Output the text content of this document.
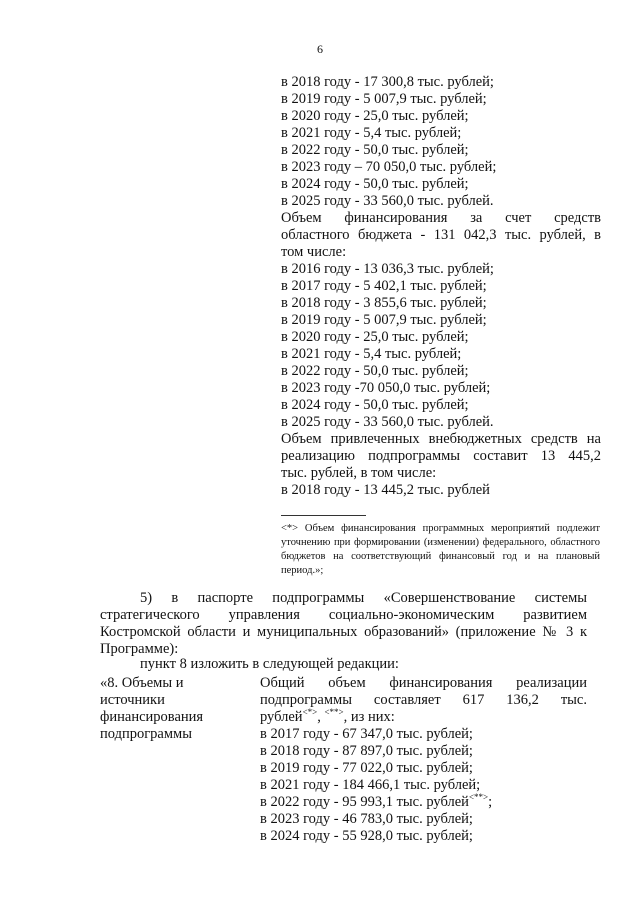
6
в 2018 году - 17 300,8 тыс. рублей;
в 2019 году - 5 007,9 тыс. рублей;
в 2020 году - 25,0 тыс. рублей;
в 2021 году - 5,4 тыс. рублей;
в 2022 году - 50,0 тыс. рублей;
в 2023 году – 70 050,0 тыс. рублей;
в 2024 году - 50,0 тыс. рублей;
в 2025 году - 33 560,0 тыс. рублей.
Объем финансирования за счет средств
областного бюджета - 131 042,3 тыс. рублей, в
том числе:
в 2016 году - 13 036,3 тыс. рублей;
в 2017 году - 5 402,1 тыс. рублей;
в 2018 году - 3 855,6 тыс. рублей;
в 2019 году - 5 007,9 тыс. рублей;
в 2020 году - 25,0 тыс. рублей;
в 2021 году - 5,4 тыс. рублей;
в 2022 году - 50,0 тыс. рублей;
в 2023 году -70 050,0 тыс. рублей;
в 2024 году - 50,0 тыс. рублей;
в 2025 году - 33 560,0 тыс. рублей.
Объем привлеченных внебюджетных средств на
реализацию подпрограммы составит 13 445,2
тыс. рублей, в том числе:
в 2018 году - 13 445,2 тыс. рублей
<*> Объем финансирования программных мероприятий подлежит уточнению при формировании (изменении) федерального, областного бюджетов на соответствующий финансовый год и на плановый период.»;
5) в паспорте подпрограммы «Совершенствование системы стратегического управления социально-экономическим развитием Костромской области и муниципальных образований» (приложение № 3 к Программе):
пункт 8 изложить в следующей редакции:
«8. Объемы и
источники
финансирования
подпрограммы
Общий объем финансирования реализации
подпрограммы составляет 617 136,2 тыс.
рублей<*>, <**>, из них:
в 2017 году - 67 347,0 тыс. рублей;
в 2018 году - 87 897,0 тыс. рублей;
в 2019 году - 77 022,0 тыс. рублей;
в 2021 году - 184 466,1 тыс. рублей;
в 2022 году - 95 993,1 тыс. рублей<**>;
в 2023 году - 46 783,0 тыс. рублей;
в 2024 году - 55 928,0 тыс. рублей;
